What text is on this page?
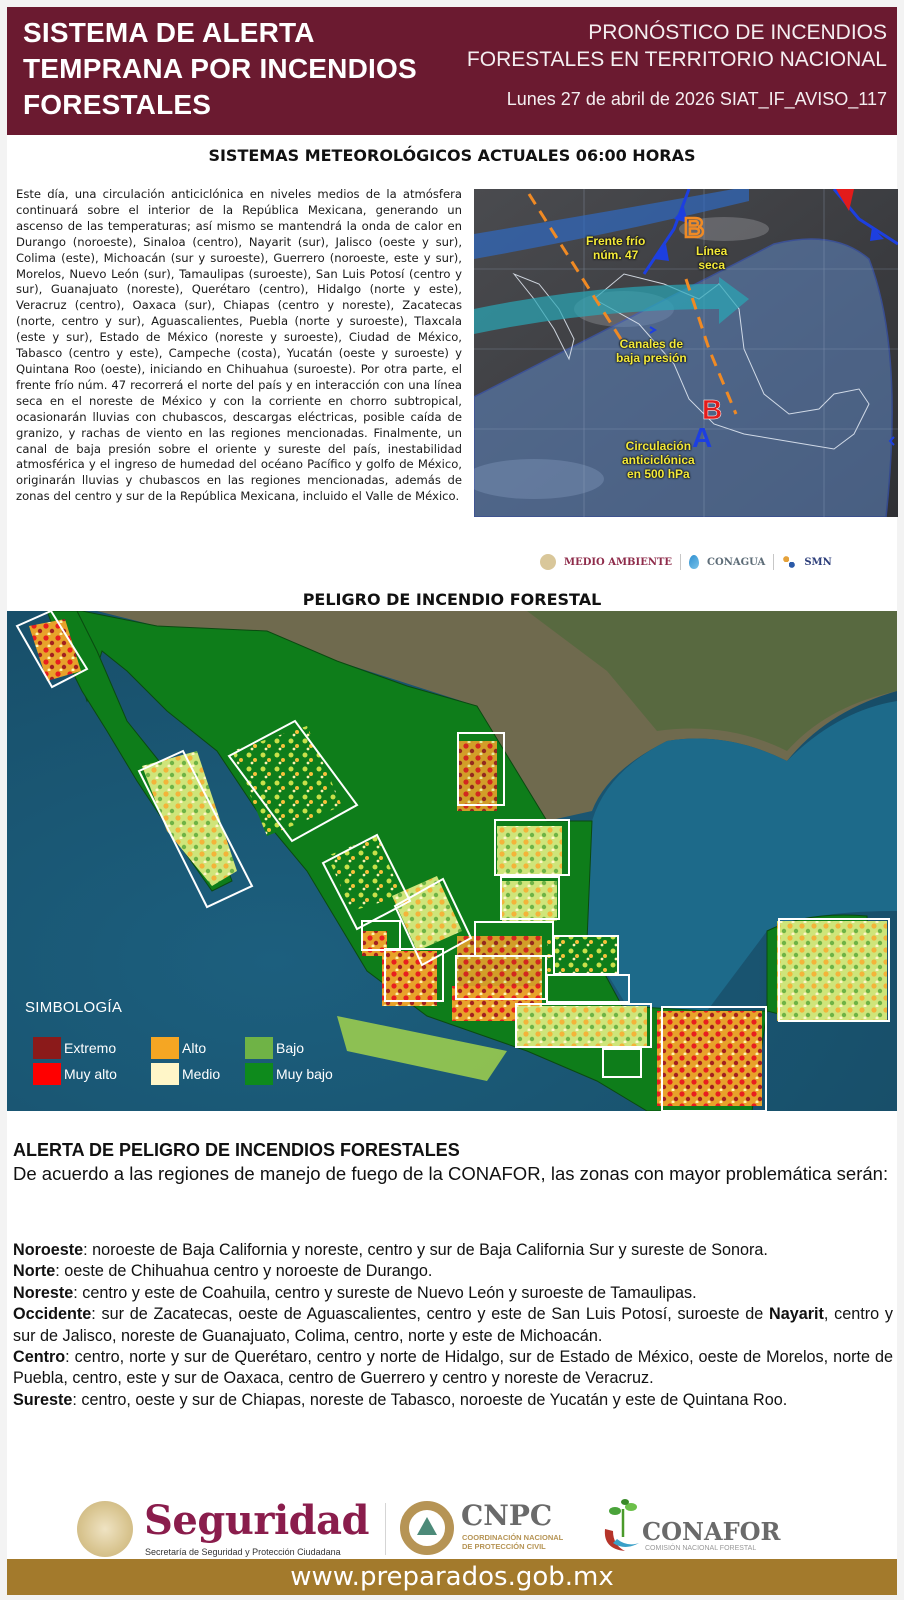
SISTEMA DE ALERTA
TEMPRANA POR INCENDIOS
FORESTALES
PRONÓSTICO DE INCENDIOS
FORESTALES EN TERRITORIO NACIONAL
Lunes 27 de abril de 2026 SIAT_IF_AVISO_117
SISTEMAS METEOROLÓGICOS ACTUALES 06:00 HORAS
Este día, una circulación anticiclónica en niveles medios de la atmósfera continuará sobre el interior de la República Mexicana, generando un ascenso de las temperaturas; así mismo se mantendrá la onda de calor en Durango (noroeste), Sinaloa (centro), Nayarit (sur), Jalisco (oeste y sur), Colima (este), Michoacán (sur y suroeste), Guerrero (noroeste, este y sur), Morelos, Nuevo León (sur), Tamaulipas (suroeste), San Luis Potosí (centro y sur), Guanajuato (noreste), Querétaro (centro), Hidalgo (norte y este), Veracruz (centro), Oaxaca (sur), Chiapas (centro y noreste), Zacatecas (norte, centro y sur), Aguascalientes, Puebla (norte y suroeste), Tlaxcala (este y sur), Estado de México (noreste y suroeste), Ciudad de México, Tabasco (centro y este), Campeche (costa), Yucatán (oeste y suroeste) y Quintana Roo (oeste), iniciando en Chihuahua (suroeste). Por otra parte, el frente frío núm. 47 recorrerá el norte del país y en interacción con una línea seca en el noreste de México y con la corriente en chorro subtropical, ocasionarán lluvias con chubascos, descargas eléctricas, posible caída de granizo, y rachas de viento en las regiones mencionadas. Finalmente, un canal de baja presión sobre el oriente y sureste del país, inestabilidad atmosférica y el ingreso de humedad del océano Pacífico y golfo de México, originarán lluvias y chubascos en las regiones mencionadas, además de zonas del centro y sur de la República Mexicana, incluido el Valle de México.
B
B
A
Frente frío
núm. 47	Línea
seca
Canales de
baja presión
Circulación
anticiclónica
en 500 hPa
MEDIO AMBIENTE	CONAGUA	SMN
PELIGRO DE INCENDIO FORESTAL
SIMBOLOGÍA
Extremo
Muy alto
Alto
Medio
Bajo
Muy bajo
ALERTA DE PELIGRO DE INCENDIOS FORESTALES
De acuerdo a las regiones de manejo de fuego de la CONAFOR, las zonas con mayor problemática serán:

Noroeste: noroeste de Baja California y noreste, centro y sur de Baja California Sur y sureste de Sonora.

Norte: oeste de Chihuahua centro y noroeste de Durango.

Noreste: centro y este de Coahuila, centro y sureste de Nuevo León y suroeste de Tamaulipas.

Occidente: sur de Zacatecas, oeste de Aguascalientes, centro y este de San Luis Potosí, suroeste de Nayarit, centro y sur de Jalisco, noreste de Guanajuato, Colima, centro, norte y este de Michoacán.

Centro: centro, norte y sur de Querétaro, centro y norte de Hidalgo, sur de Estado de México, oeste de Morelos, norte de Puebla, centro, este y sur de Oaxaca, centro de Guerrero y centro y noreste de Veracruz.

Sureste: centro, oeste y sur de Chiapas, noreste de Tabasco, noroeste de Yucatán y este de Quintana Roo.

Seguridad
Secretaría de Seguridad y Protección Ciudadana
CNPC
COORDINACIÓN NACIONAL
DE PROTECCIÓN CIVIL
CONAFOR
COMISIÓN NACIONAL FORESTAL
www.preparados.gob.mx
